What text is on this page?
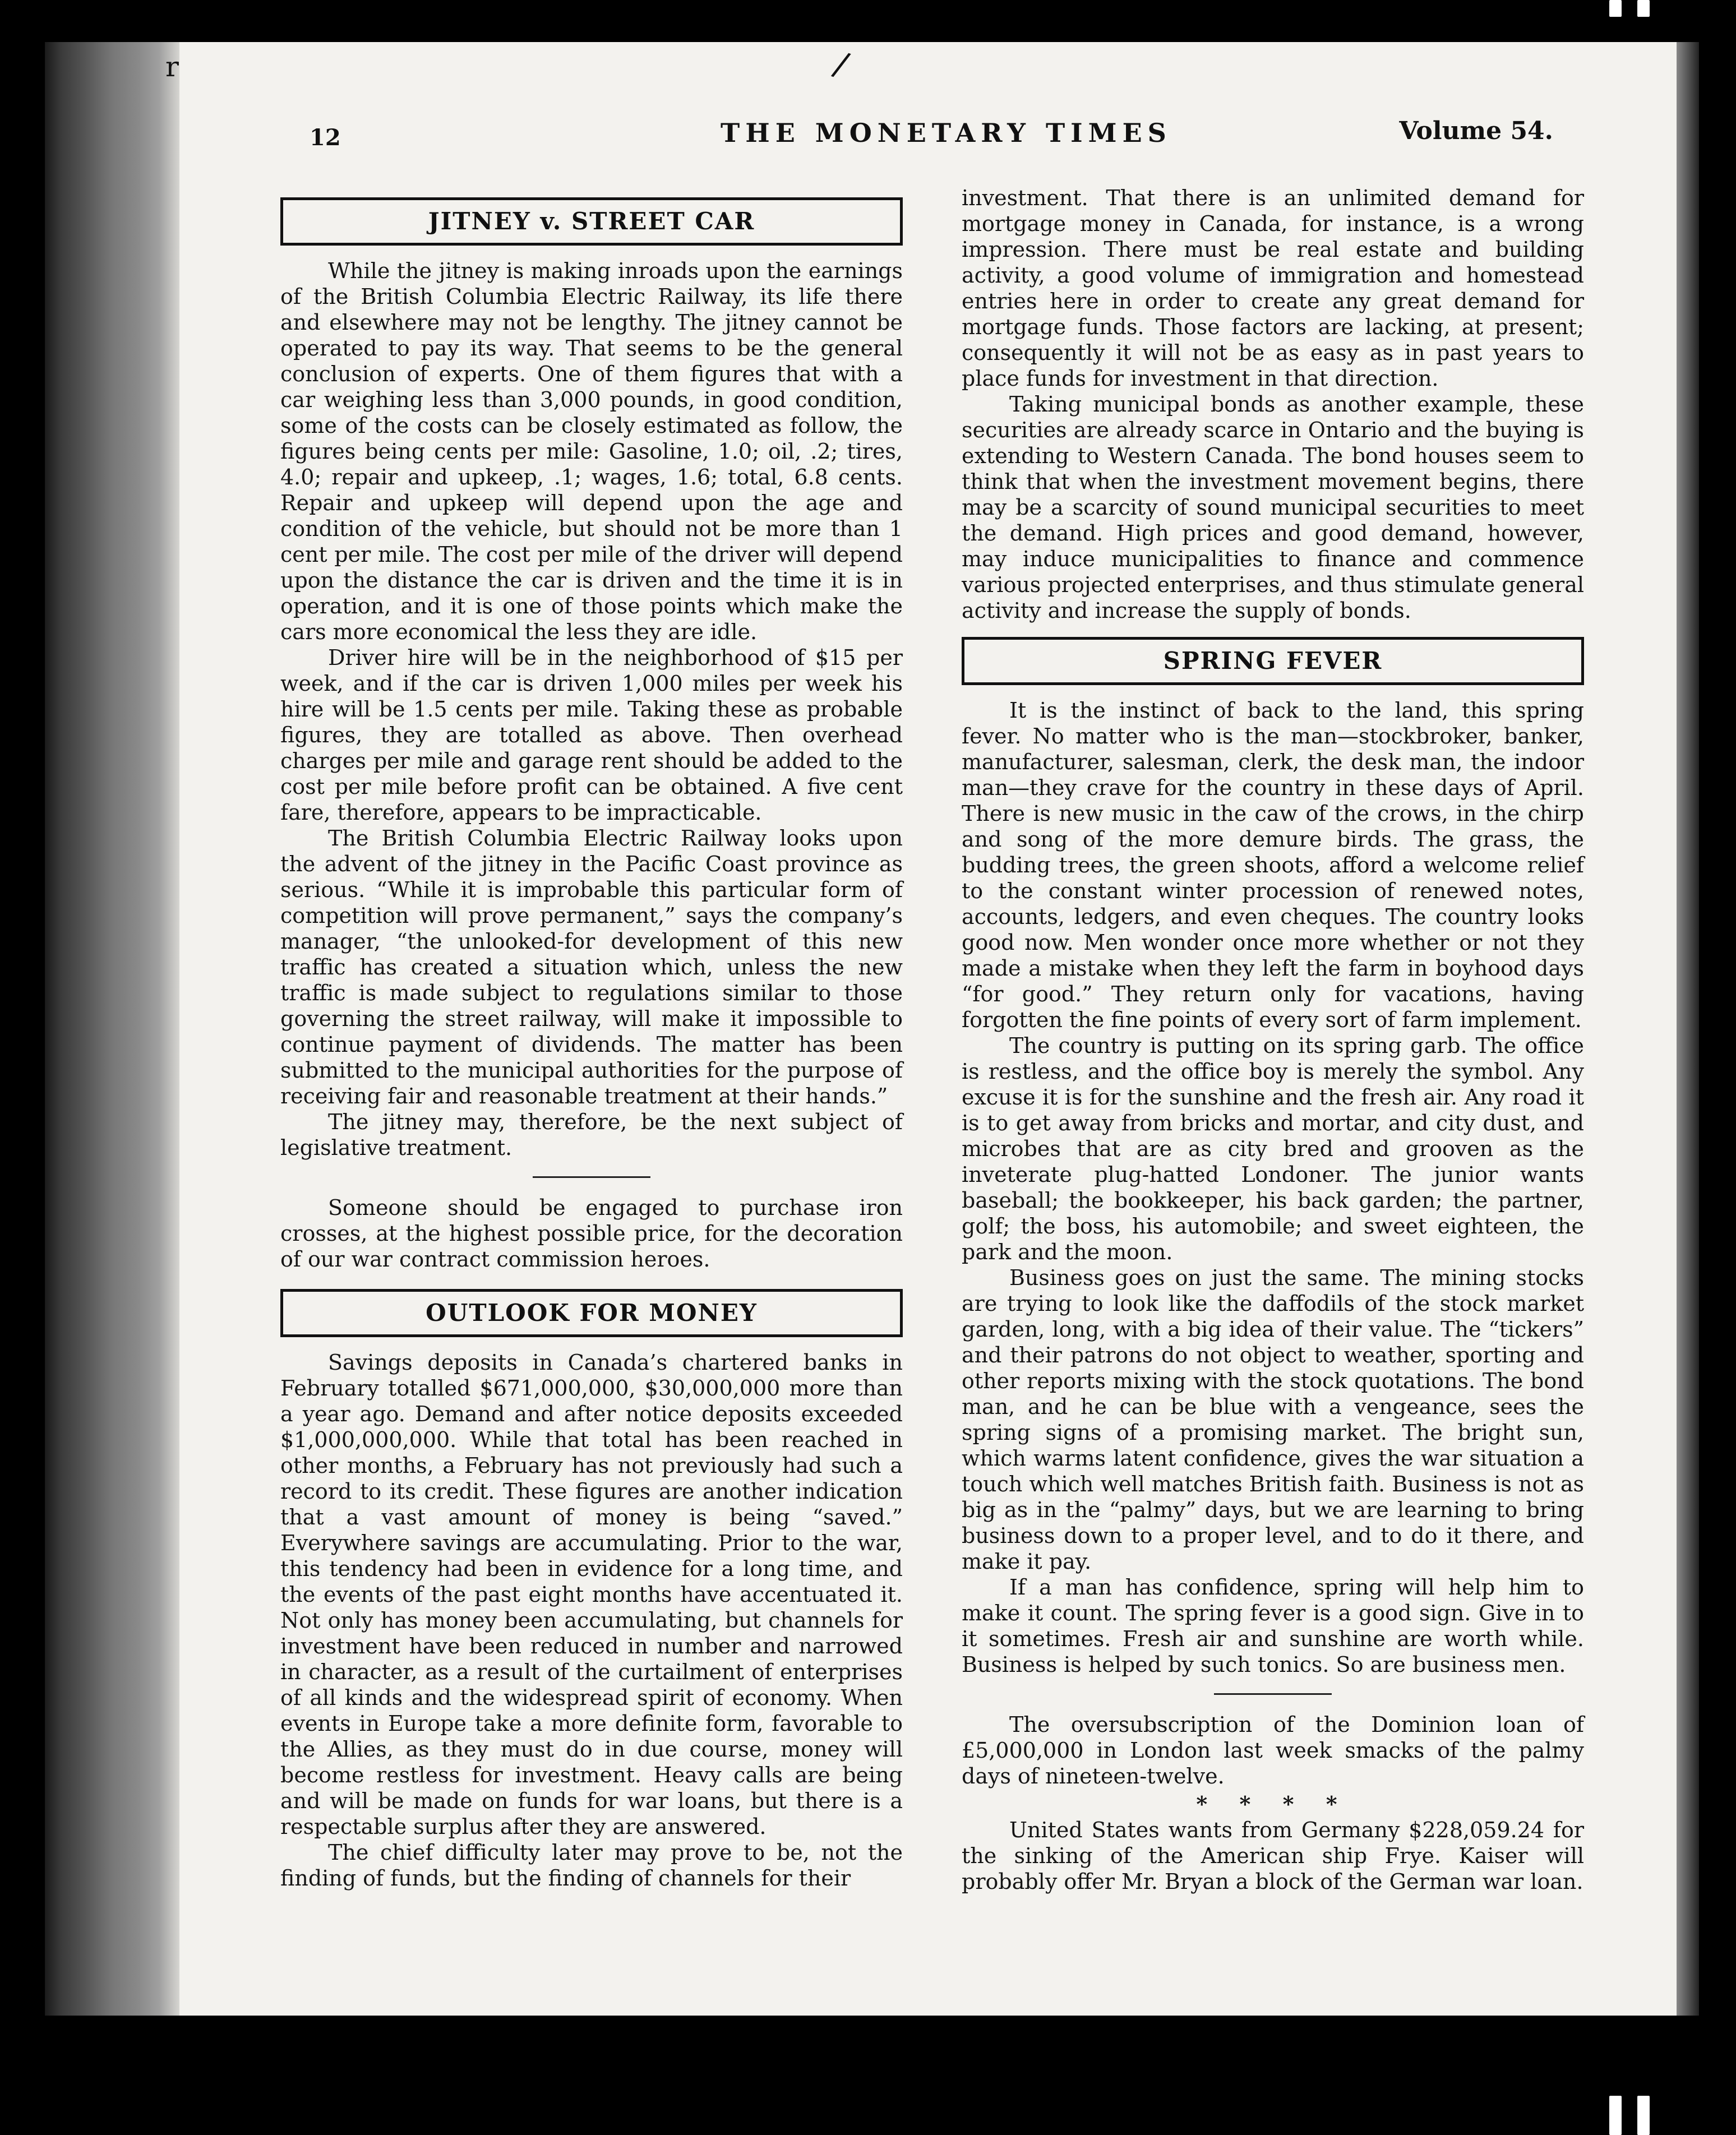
/
r
12	THE MONETARY TIMES	Volume 54.
JITNEY v. STREET CAR

While the jitney is making inroads upon the earnings of the British Columbia Electric Railway, its life there and elsewhere may not be lengthy. The jitney cannot be operated to pay its way. That seems to be the general conclusion of experts. One of them figures that with a car weighing less than 3,000 pounds, in good condition, some of the costs can be closely estimated as follow, the figures being cents per mile: Gasoline, 1.0; oil, .2; tires, 4.0; repair and upkeep, .1; wages, 1.6; total, 6.8 cents. Repair and upkeep will depend upon the age and condition of the vehicle, but should not be more than 1 cent per mile. The cost per mile of the driver will depend upon the distance the car is driven and the time it is in operation, and it is one of those points which make the cars more economical the less they are idle.

Driver hire will be in the neighborhood of $15 per week, and if the car is driven 1,000 miles per week his hire will be 1.5 cents per mile. Taking these as probable figures, they are totalled as above. Then overhead charges per mile and garage rent should be added to the cost per mile before profit can be obtained. A five cent fare, therefore, appears to be impracticable.

The British Columbia Electric Railway looks upon the advent of the jitney in the Pacific Coast province as serious. “While it is improbable this particular form of competition will prove permanent,” says the company’s manager, “the unlooked-for development of this new traffic has created a situation which, unless the new traffic is made subject to regulations similar to those governing the street railway, will make it impossible to continue payment of dividends. The matter has been submitted to the municipal authorities for the purpose of receiving fair and reasonable treatment at their hands.”

The jitney may, therefore, be the next subject of legislative treatment.

Someone should be engaged to purchase iron crosses, at the highest possible price, for the decoration of our war contract commission heroes.

OUTLOOK FOR MONEY

Savings deposits in Canada’s chartered banks in February totalled $671,000,000, $30,000,000 more than a year ago. Demand and after notice deposits exceeded $1,000,000,000. While that total has been reached in other months, a February has not previously had such a record to its credit. These figures are another indication that a vast amount of money is being “saved.” Everywhere savings are accumulating. Prior to the war, this tendency had been in evidence for a long time, and the events of the past eight months have accentuated it. Not only has money been accumulating, but channels for investment have been reduced in number and narrowed in character, as a result of the curtailment of enterprises of all kinds and the widespread spirit of economy. When events in Europe take a more definite form, favorable to the Allies, as they must do in due course, money will become restless for investment. Heavy calls are being and will be made on funds for war loans, but there is a respectable surplus after they are answered.

The chief difficulty later may prove to be, not the finding of funds, but the finding of channels for their

investment. That there is an unlimited demand for mortgage money in Canada, for instance, is a wrong impression. There must be real estate and building activity, a good volume of immigration and homestead entries here in order to create any great demand for mortgage funds. Those factors are lacking, at present; consequently it will not be as easy as in past years to place funds for investment in that direction.

Taking municipal bonds as another example, these securities are already scarce in Ontario and the buying is extending to Western Canada. The bond houses seem to think that when the investment movement begins, there may be a scarcity of sound municipal securities to meet the demand. High prices and good demand, however, may induce municipalities to finance and commence various projected enterprises, and thus stimulate general activity and increase the supply of bonds.

SPRING FEVER

It is the instinct of back to the land, this spring fever. No matter who is the man—stockbroker, banker, manufacturer, salesman, clerk, the desk man, the indoor man—they crave for the country in these days of April. There is new music in the caw of the crows, in the chirp and song of the more demure birds. The grass, the budding trees, the green shoots, afford a welcome relief to the constant winter procession of renewed notes, accounts, ledgers, and even cheques. The country looks good now. Men wonder once more whether or not they made a mistake when they left the farm in boyhood days “for good.” They return only for vacations, having forgotten the fine points of every sort of farm implement.

The country is putting on its spring garb. The office is restless, and the office boy is merely the symbol. Any excuse it is for the sunshine and the fresh air. Any road it is to get away from bricks and mortar, and city dust, and microbes that are as city bred and grooven as the inveterate plug-hatted Londoner. The junior wants baseball; the bookkeeper, his back garden; the partner, golf; the boss, his automobile; and sweet eighteen, the park and the moon.

Business goes on just the same. The mining stocks are trying to look like the daffodils of the stock market garden, long, with a big idea of their value. The “tickers” and their patrons do not object to weather, sporting and other reports mixing with the stock quotations. The bond man, and he can be blue with a vengeance, sees the spring signs of a promising market. The bright sun, which warms latent confidence, gives the war situation a touch which well matches British faith. Business is not as big as in the “palmy” days, but we are learning to bring business down to a proper level, and to do it there, and make it pay.

If a man has confidence, spring will help him to make it count. The spring fever is a good sign. Give in to it sometimes. Fresh air and sunshine are worth while. Business is helped by such tonics. So are business men.

The oversubscription of the Dominion loan of £5,000,000 in London last week smacks of the palmy days of nineteen-twelve.

* * * *

United States wants from Germany $228,059.24 for the sinking of the American ship Frye. Kaiser will probably offer Mr. Bryan a block of the German war loan.
